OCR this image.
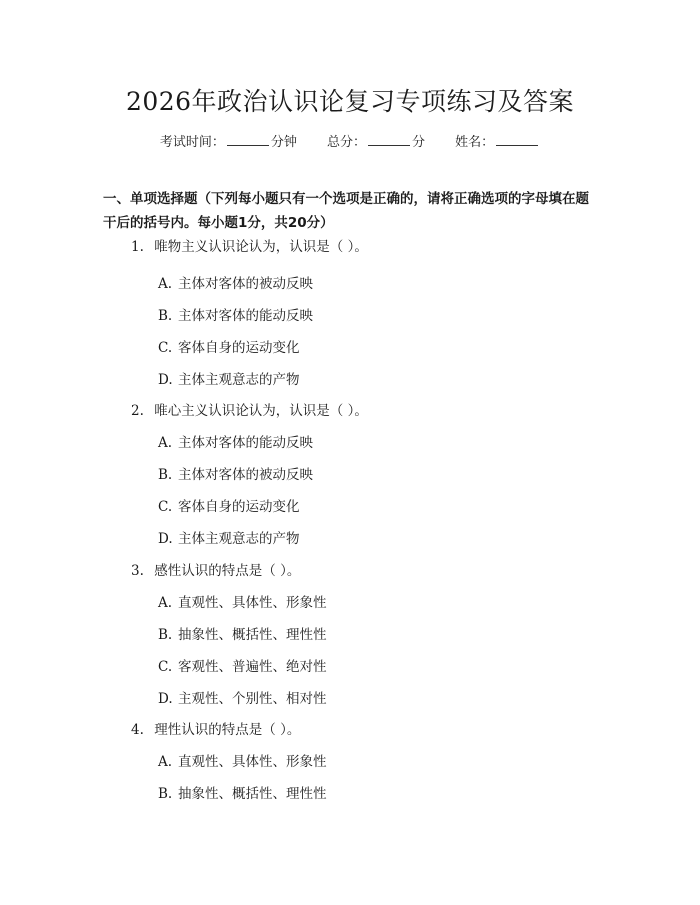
2026年政治认识论复习专项练习及答案
考试时间：	分钟 总分：	分 姓名：
一、单项选择题（下列每小题只有一个选项是正确的，请将正确选项的字母填在题干后的括号内。每小题1分，共20分）
1. 唯物主义认识论认为，认识是（ ）。
A. 主体对客体的被动反映
B. 主体对客体的能动反映
C. 客体自身的运动变化
D. 主体主观意志的产物
2. 唯心主义认识论认为，认识是（ ）。
A. 主体对客体的能动反映
B. 主体对客体的被动反映
C. 客体自身的运动变化
D. 主体主观意志的产物
3. 感性认识的特点是（ ）。
A. 直观性、具体性、形象性
B. 抽象性、概括性、理性性
C. 客观性、普遍性、绝对性
D. 主观性、个别性、相对性
4. 理性认识的特点是（ ）。
A. 直观性、具体性、形象性
B. 抽象性、概括性、理性性
